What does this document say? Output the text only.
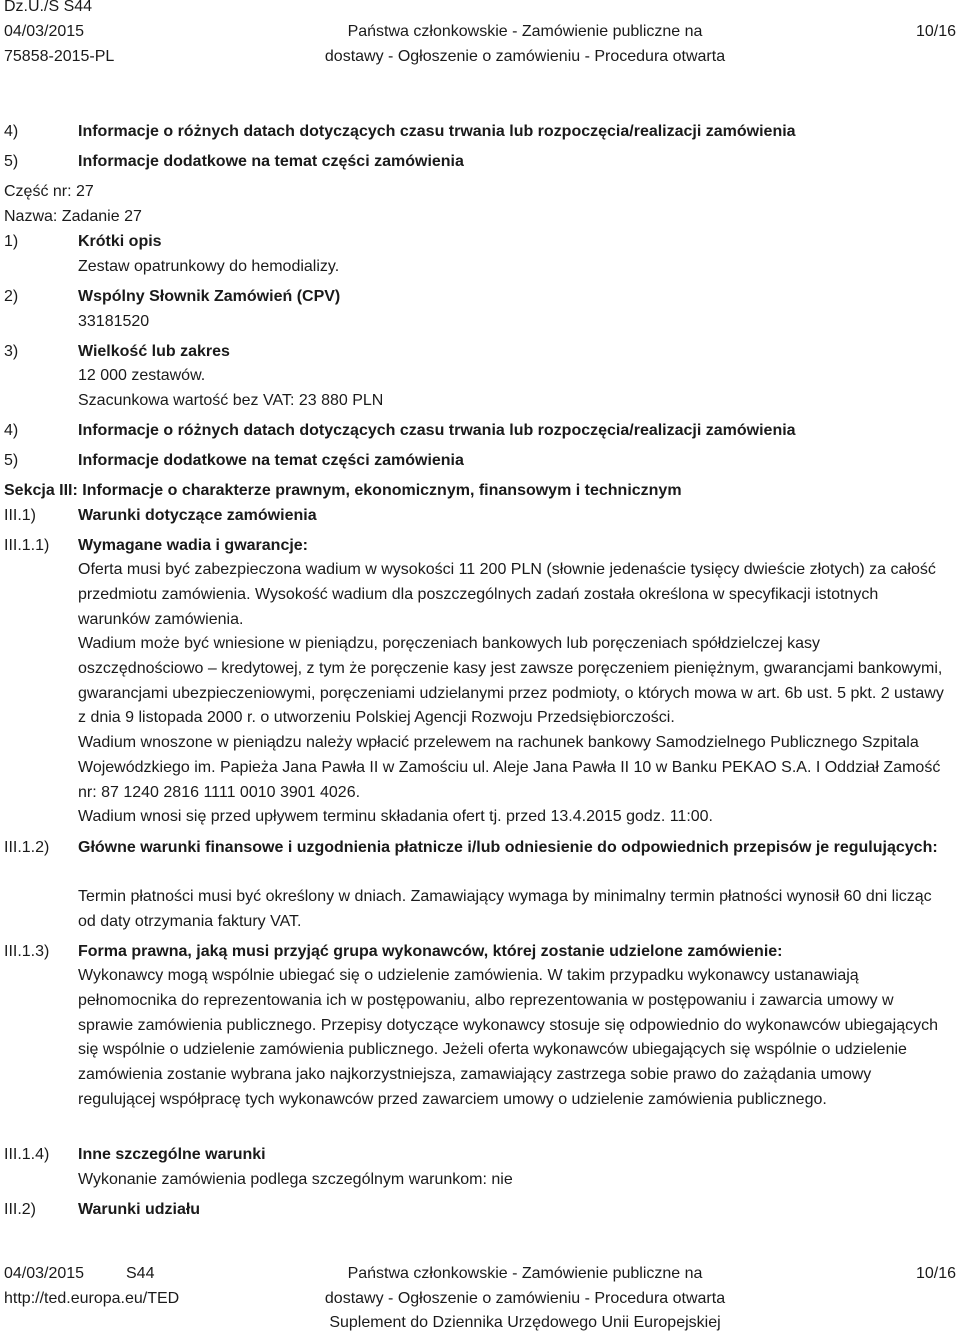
Dz.U./S S44
04/03/2015
75858-2015-PL
Państwa członkowskie - Zamówienie publiczne na
dostawy - Ogłoszenie o zamówieniu - Procedura otwarta
10/16
4)	Informacje o różnych datach dotyczących czasu trwania lub rozpoczęcia/realizacji zamówienia
5)	Informacje dodatkowe na temat części zamówienia
Część nr: 27
Nazwa: Zadanie 27
1)	Krótki opis
Zestaw opatrunkowy do hemodializy.
2)	Wspólny Słownik Zamówień (CPV)
33181520
3)	Wielkość lub zakres
12 000 zestawów.
Szacunkowa wartość bez VAT: 23 880 PLN
4)	Informacje o różnych datach dotyczących czasu trwania lub rozpoczęcia/realizacji zamówienia
5)	Informacje dodatkowe na temat części zamówienia
Sekcja III: Informacje o charakterze prawnym, ekonomicznym, finansowym i technicznym
III.1)	Warunki dotyczące zamówienia
III.1.1) Wymagane wadia i gwarancje:
Oferta musi być zabezpieczona wadium w wysokości 11 200 PLN (słownie jedenaście tysięcy dwieście złotych) za całość przedmiotu zamówienia. Wysokość wadium dla poszczególnych zadań została określona w specyfikacji istotnych warunków zamówienia.
Wadium może być wniesione w pieniądzu, poręczeniach bankowych lub poręczeniach spółdzielczej kasy oszczędnościowo – kredytowej, z tym że poręczenie kasy jest zawsze poręczeniem pieniężnym, gwarancjami bankowymi, gwarancjami ubezpieczeniowymi, poręczeniami udzielanymi przez podmioty, o których mowa w art. 6b ust. 5 pkt. 2 ustawy z dnia 9 listopada 2000 r. o utworzeniu Polskiej Agencji Rozwoju Przedsiębiorczości.
Wadium wnoszone w pieniądzu należy wpłacić przelewem na rachunek bankowy Samodzielnego Publicznego Szpitala Wojewódzkiego im. Papieża Jana Pawła II w Zamościu ul. Aleje Jana Pawła II 10 w Banku PEKAO S.A. I Oddział Zamość nr: 87 1240 2816 1111 0010 3901 4026.
Wadium wnosi się przed upływem terminu składania ofert tj. przed 13.4.2015 godz. 11:00.
III.1.2) Główne warunki finansowe i uzgodnienia płatnicze i/lub odniesienie do odpowiednich przepisów je regulujących:
Termin płatności musi być określony w dniach. Zamawiający wymaga by minimalny termin płatności wynosił 60 dni licząc od daty otrzymania faktury VAT.
III.1.3) Forma prawna, jaką musi przyjąć grupa wykonawców, której zostanie udzielone zamówienie:
Wykonawcy mogą wspólnie ubiegać się o udzielenie zamówienia. W takim przypadku wykonawcy ustanawiają pełnomocnika do reprezentowania ich w postępowaniu, albo reprezentowania w postępowaniu i zawarcia umowy w sprawie zamówienia publicznego. Przepisy dotyczące wykonawcy stosuje się odpowiednio do wykonawców ubiegających się wspólnie o udzielenie zamówienia publicznego. Jeżeli oferta wykonawców ubiegających się wspólnie o udzielenie zamówienia zostanie wybrana jako najkorzystniejsza, zamawiający zastrzega sobie prawo do zażądania umowy regulującej współpracę tych wykonawców przed zawarciem umowy o udzielenie zamówienia publicznego.
III.1.4) Inne szczególne warunki
Wykonanie zamówienia podlega szczególnym warunkom: nie
III.2)	Warunki udziału
04/03/2015	S44
http://ted.europa.eu/TED
Państwa członkowskie - Zamówienie publiczne na
dostawy - Ogłoszenie o zamówieniu - Procedura otwarta
Suplement do Dziennika Urzędowego Unii Europejskiej
10/16
